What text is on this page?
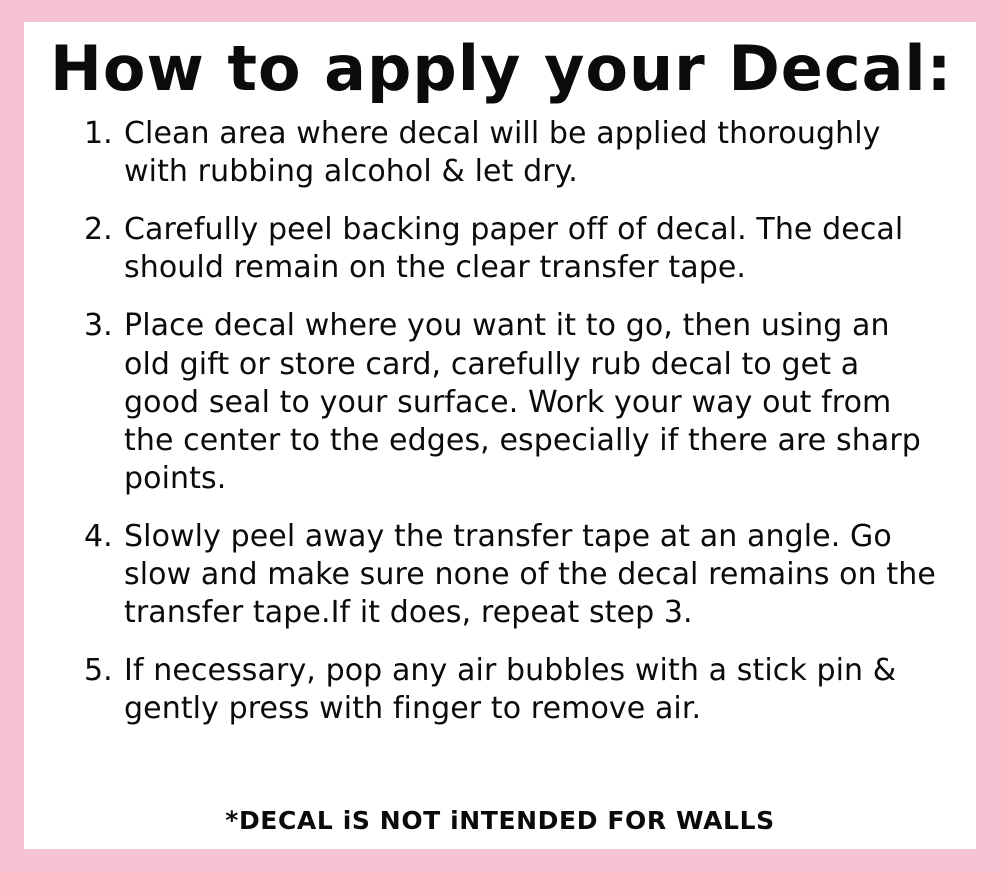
How to apply your Decal:
1. Clean area where decal will be applied thoroughly with rubbing alcohol & let dry.
2. Carefully peel backing paper off of decal. The decal should remain on the clear transfer tape.
3. Place decal where you want it to go, then using an old gift or store card, carefully rub decal to get a good seal to your surface. Work your way out from the center to the edges, especially if there are sharp points.
4. Slowly peel away the transfer tape at an angle. Go slow and make sure none of the decal remains on the transfer tape.If it does, repeat step 3.
5. If necessary, pop any air bubbles with a stick pin & gently press with finger to remove air.
*DECAL iS NOT iNTENDED FOR WALLS
